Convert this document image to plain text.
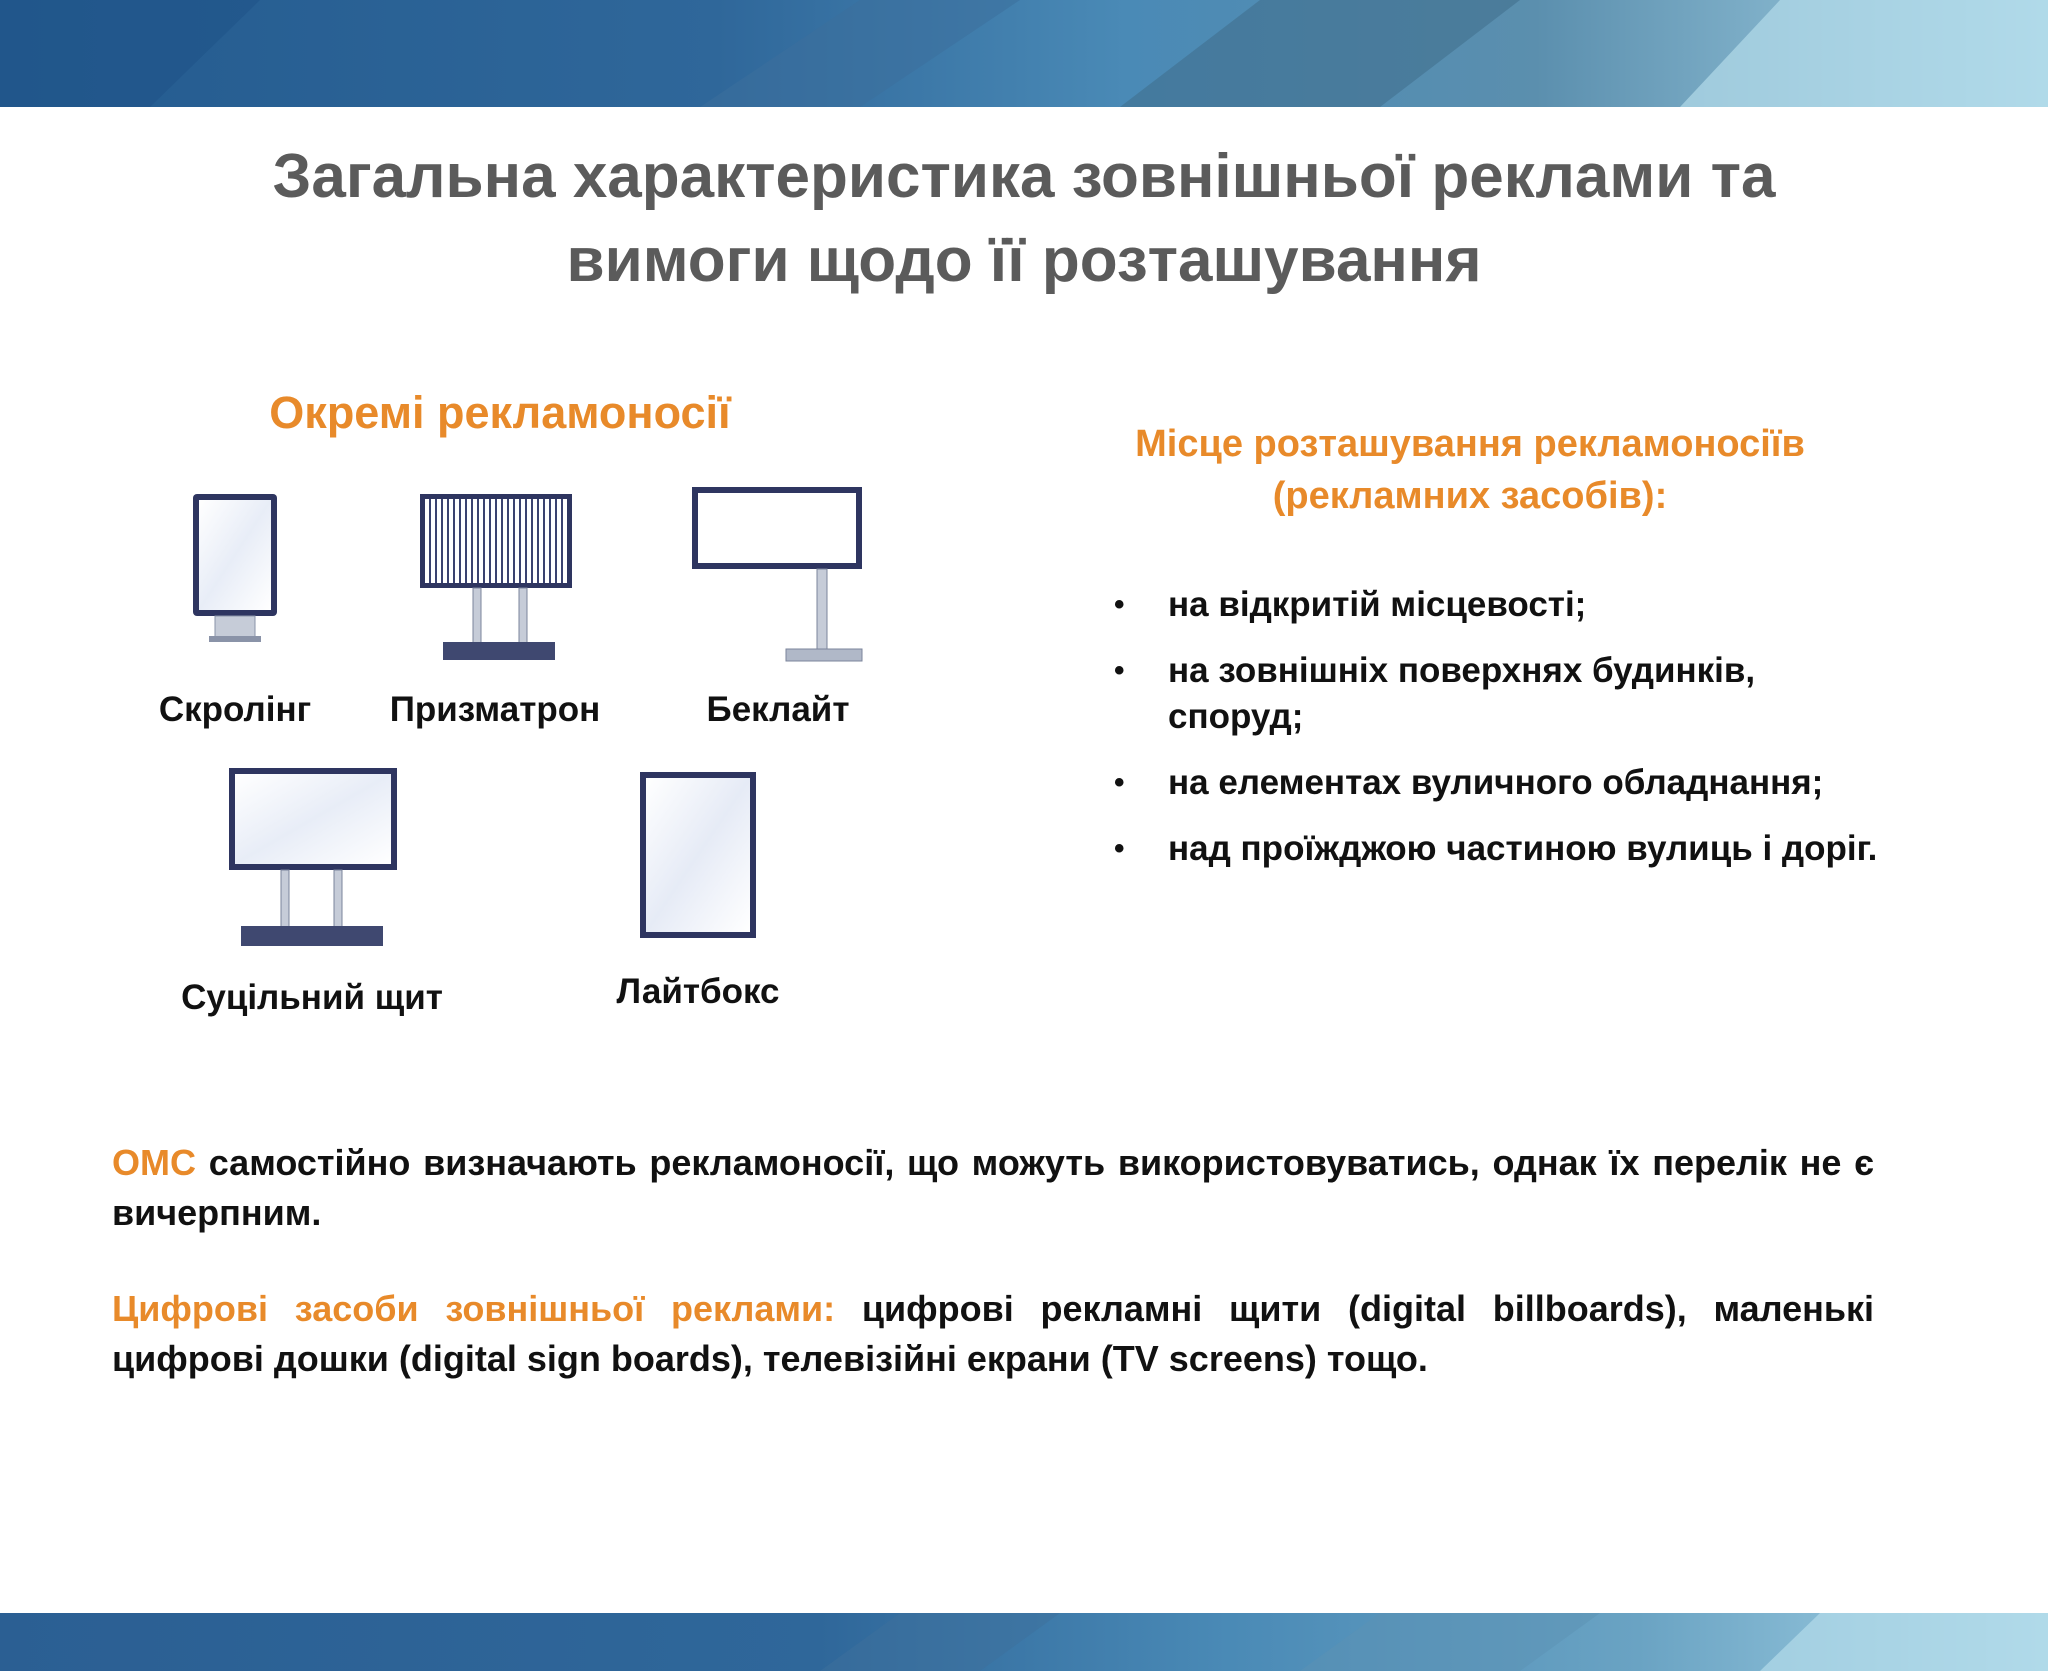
Загальна характеристика зовнішньої реклами та
вимоги щодо її розташування
Окремі рекламоносії

Скролінг	Призматрон	Беклайт

Суцільний щит	Лайтбокс

Місце розташування рекламоносіїв
(рекламних засобів):
• на відкритій місцевості;
• на зовнішніх поверхнях будинків, споруд;
• на елементах вуличного обладнання;
• над проїжджою частиною вулиць і доріг.

ОМС самостійно визначають рекламоносії, що можуть використовуватись, однак їх перелік не є вичерпним.

Цифрові засоби зовнішньої реклами: цифрові рекламні щити (digital billboards), маленькі цифрові дошки (digital sign boards), телевізійні екрани (TV screens) тощо.
